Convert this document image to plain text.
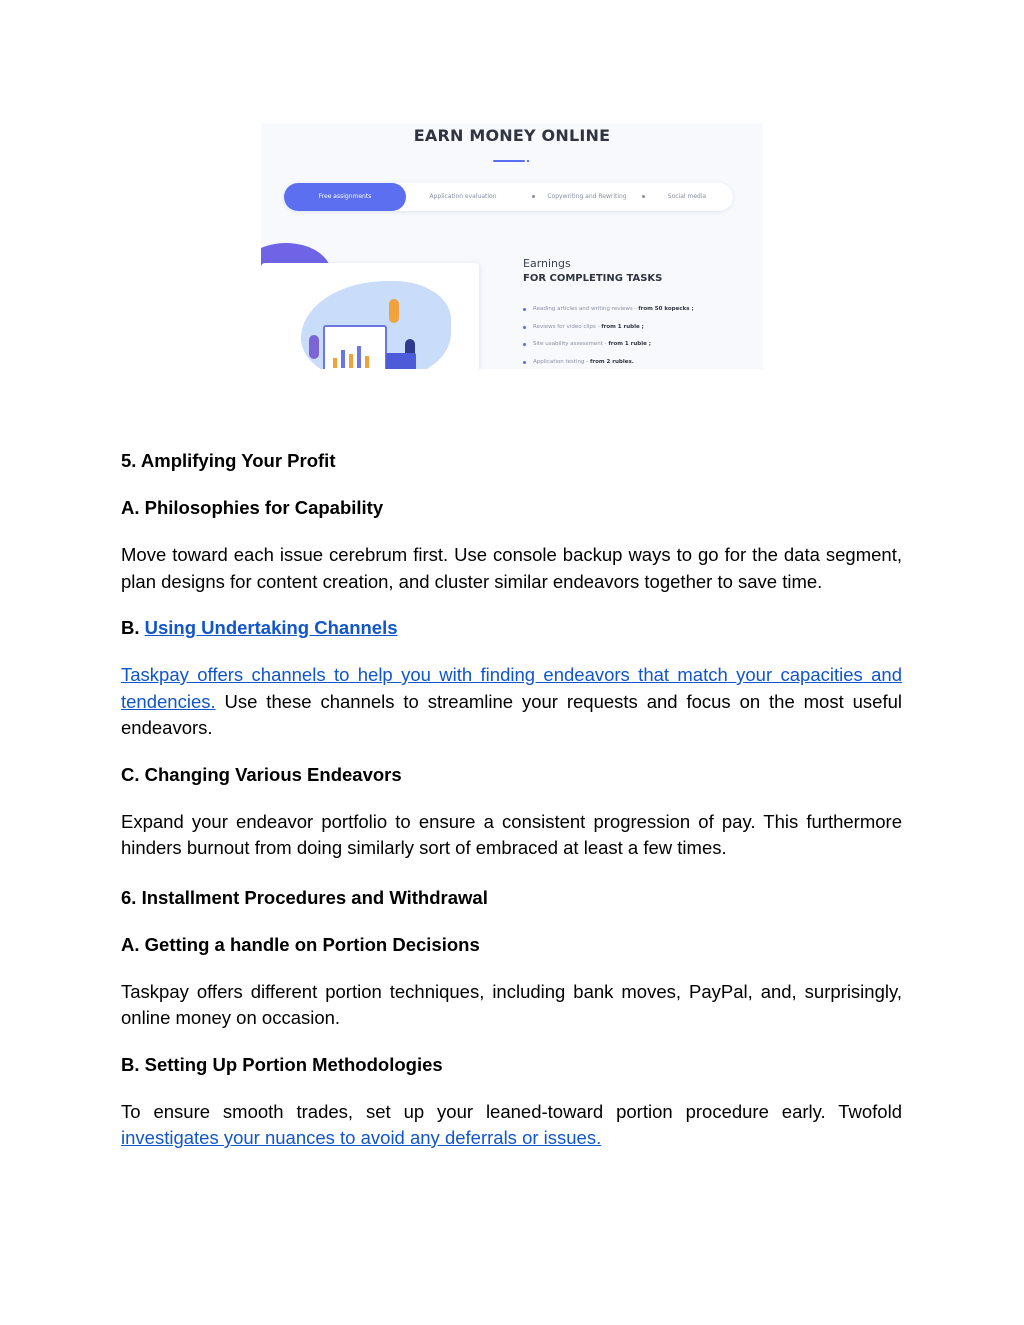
EARN MONEY ONLINE
Free assignments	Application evaluation	Copywriting and Rewriting	Social media
Earnings
FOR COMPLETING TASKS
Reading articles and writing reviews - from 50 kopecks ;
Reviews for video clips - from 1 ruble ;
Site usability assessment - from 1 ruble ;
Application testing - from 2 rubles.

5. Amplifying Your Profit

A. Philosophies for Capability

Move toward each issue cerebrum first. Use console backup ways to go for the data segment, plan designs for content creation, and cluster similar endeavors together to save time.

B. Using Undertaking Channels

Taskpay offers channels to help you with finding endeavors that match your capacities and tendencies. Use these channels to streamline your requests and focus on the most useful endeavors.

C. Changing Various Endeavors

Expand your endeavor portfolio to ensure a consistent progression of pay. This furthermore hinders burnout from doing similarly sort of embraced at least a few times.

6. Installment Procedures and Withdrawal

A. Getting a handle on Portion Decisions

Taskpay offers different portion techniques, including bank moves, PayPal, and, surprisingly, online money on occasion.

B. Setting Up Portion Methodologies

To ensure smooth trades, set up your leaned-toward portion procedure early. Twofold investigates your nuances to avoid any deferrals or issues.
